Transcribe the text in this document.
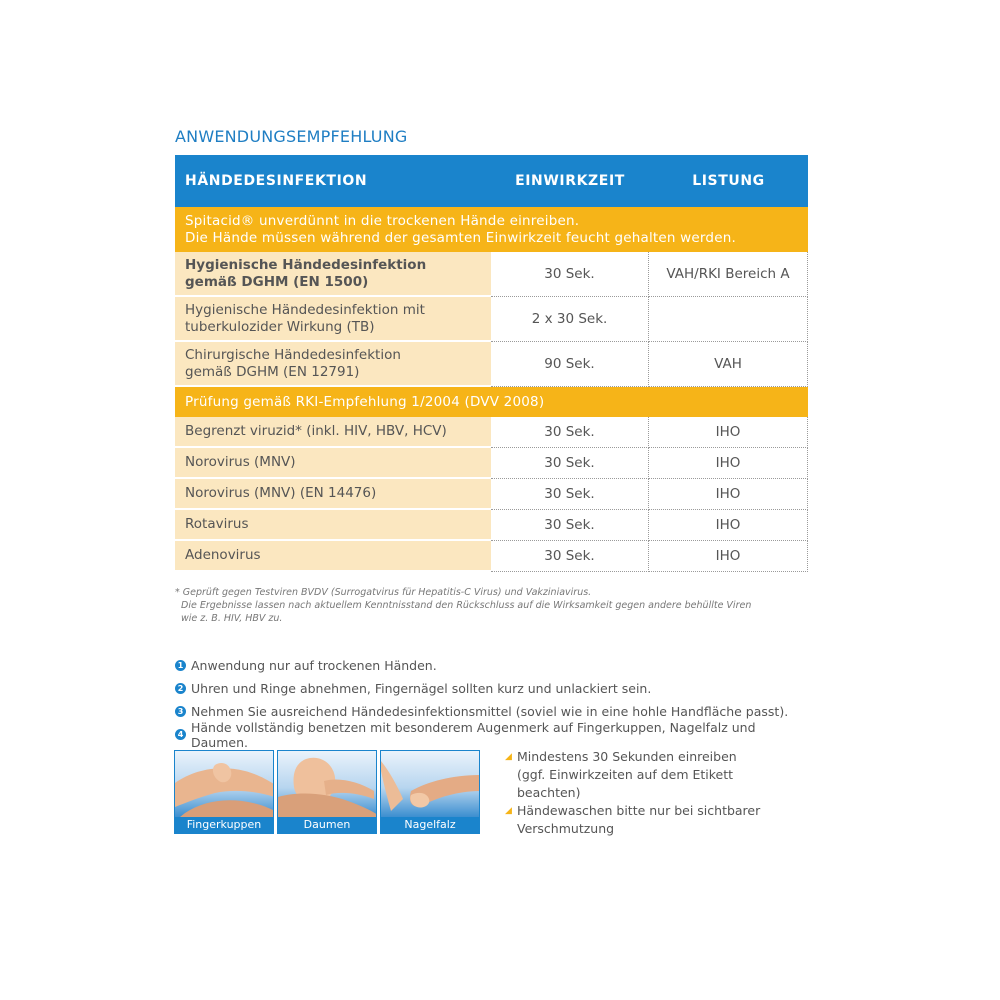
ANWENDUNGSEMPFEHLUNG
HÄNDEDESINFEKTION	EINWIRKZEIT	LISTUNG
Spitacid® unverdünnt in die trockenen Hände einreiben.
Die Hände müssen während der gesamten Einwirkzeit feucht gehalten werden.
Hygienische Händedesinfektion
gemäß DGHM (EN 1500)	30 Sek.	VAH/RKI Bereich A
Hygienische Händedesinfektion mit
tuberkulozider Wirkung (TB)	2 x 30 Sek.
Chirurgische Händedesinfektion
gemäß DGHM (EN 12791)	90 Sek.	VAH
Prüfung gemäß RKI-Empfehlung 1/2004 (DVV 2008)
Begrenzt viruzid* (inkl. HIV, HBV, HCV)	30 Sek.	IHO
Norovirus (MNV)	30 Sek.	IHO
Norovirus (MNV) (EN 14476)	30 Sek.	IHO
Rotavirus	30 Sek.	IHO
Adenovirus	30 Sek.	IHO
* Geprüft gegen Testviren BVDV (Surrogatvirus für Hepatitis-C Virus) und Vakziniavirus.
Die Ergebnisse lassen nach aktuellem Kenntnisstand den Rückschluss auf die Wirksamkeit gegen andere behüllte Viren
wie z. B. HIV, HBV zu.
1 Anwendung nur auf trockenen Händen.
2 Uhren und Ringe abnehmen, Fingernägel sollten kurz und unlackiert sein.
3 Nehmen Sie ausreichend Händedesinfektionsmittel (soviel wie in eine hohle Handfläche passt).
4 Hände vollständig benetzen mit besonderem Augenmerk auf Fingerkuppen, Nagelfalz und Daumen.
Fingerkuppen	Daumen	Nagelfalz
◢ Mindestens 30 Sekunden einreiben
(ggf. Einwirkzeiten auf dem Etikett
beachten)
◢ Händewaschen bitte nur bei sichtbarer
Verschmutzung
